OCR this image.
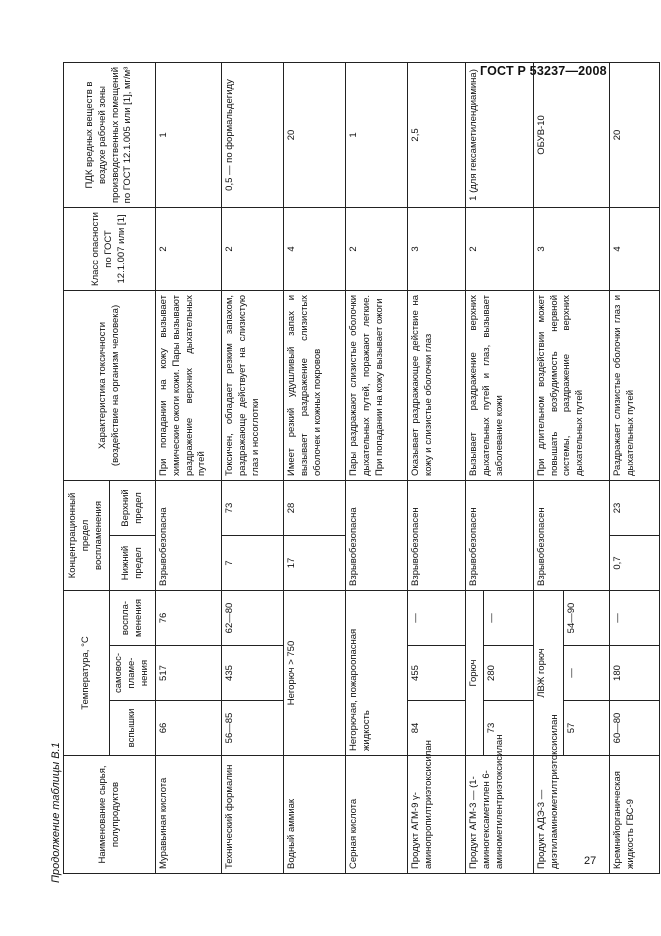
ГОСТ Р 53237—2008
27
Продолжение таблицы В.1	Наименование сырья, полупродуктов	Температура, °С			Концентрационный предел воспламенения		Характеристика токсичности (воздействие на организм человека)	Класс опасности по ГОСТ 12.1.007 или [1]	ПДК вредных веществ в воздухе рабочей зоны производственных помещений по ГОСТ 12.1.005 или [1], мг/м³
	вспышки	самовос-пламе-нения	воспла-менения	Нижний предел	Верхний предел			
Муравьиная кислота	66	517	76	Взрывобезопасна		При попадании на кожу вызывает химические ожоги кожи. Пары вызывают раздражение верхних дыхательных путей	2	1
Технический формалин	56—85	435	62—80	7	73	Токсичен, обладает резким запахом, раздражающе действует на слизистую глаз и носоглотки	2	0,5 — по формальдегиду
Водный аммиак	Негорюч > 750			17	28	Имеет резкий удушливый запах и вызывает раздражение слизистых оболочек и кожных покровов	4	20
Серная кислота	Негорючая, пожароопасная жидкость			Взрывобезопасна		Пары раздражают слизистые оболочки дыхательных путей, поражают легкие. При попадании на кожу вызывает ожоги	2	1
Продукт АГМ-9 γ-аминопропилтриэтоксисилан	84	455	—	Взрывобезопасен		Оказывает раздражающее действие на кожу и слизистые оболочки глаз	3	2,5
Продукт АГМ-3 — (1-аминогексаметилен 6-аминометилентриэтоксисилан	Горюч			Взрывобезопасен		Вызывает раздражение верхних дыхательных путей и глаз, вызывает заболевание кожи	2	1 (для гексаметилендиамина)
	73	280	—					
Продукт АДЭ-3 — диэтиламинометилтриэтоксисилан	ЛВЖ горюч			Взрывобезопасен		При длительном воздействии может повышать возбудимость нервной системы, раздражение верхних дыхательных путей	3	ОБУВ-10
	57	—	54—90					
Кремнийорганическая жидкость ГВС-9	60—80	180	—	0,7	23	Раздражает слизистые оболочки глаз и дыхательных путей	4	20
